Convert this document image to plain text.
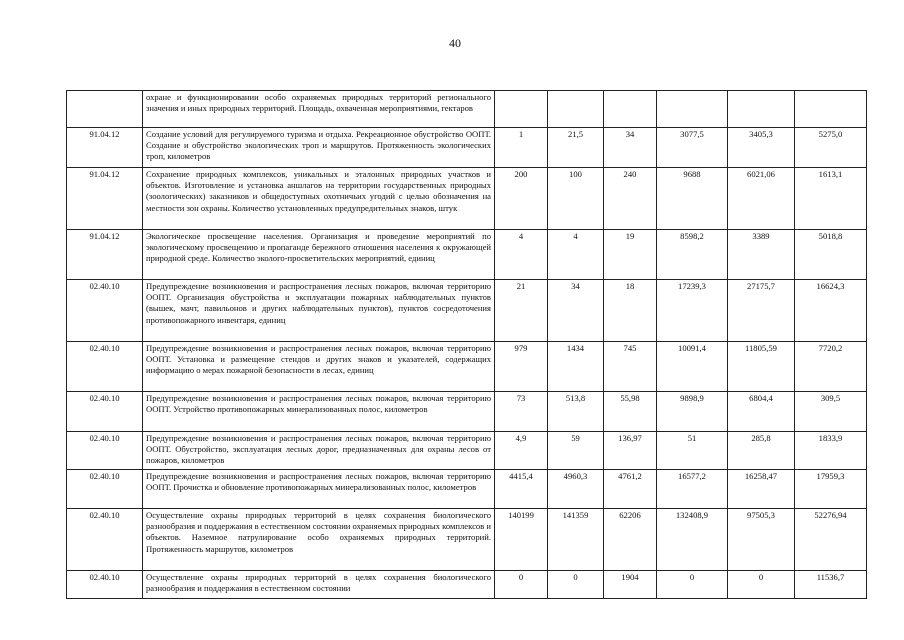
40
	охране и функционировании особо охраняемых природных территорий регионального значения и иных природных территорий. Площадь, охваченная мероприятиями, гектаров						
91.04.12	Создание условий для регулируемого туризма и отдыха. Рекреационное обустройство ООПТ. Создание и обустройство экологических троп и маршрутов. Протяженность экологических троп, километров	1	21,5	34	3077,5	3405,3	5275,0
91.04.12	Сохранение природных комплексов, уникальных и эталонных природных участков и объектов. Изготовление и установка аншлагов на территории государственных природных (зоологических) заказников и общедоступных охотничьих угодий с целью обозначения на местности зон охраны. Количество установленных предупредительных знаков, штук	200	100	240	9688	6021,06	1613,1
91.04.12	Экологическое просвещение населения. Организация и проведение мероприятий по экологическому просвещению и пропаганде бережного отношения населения к окружающей природной среде. Количество эколого-просветительских мероприятий, единиц	4	4	19	8598,2	3389	5018,8
02.40.10	Предупреждение возникновения и распространения лесных пожаров, включая территорию ООПТ. Организация обустройства и эксплуатации пожарных наблюдательных пунктов (вышек, мачт, павильонов и других наблюдательных пунктов), пунктов сосредоточения противопожарного инвентаря, единиц	21	34	18	17239,3	27175,7	16624,3
02.40.10	Предупреждение возникновения и распространения лесных пожаров, включая территорию ООПТ. Установка и размещение стендов и других знаков и указателей, содержащих информацию о мерах пожарной безопасности в лесах, единиц	979	1434	745	10091,4	11805,59	7720,2
02.40.10	Предупреждение возникновения и распространения лесных пожаров, включая территорию ООПТ. Устройство противопожарных минерализованных полос, километров	73	513,8	55,98	9898,9	6804,4	309,5
02.40.10	Предупреждение возникновения и распространения лесных пожаров, включая территорию ООПТ. Обустройство, эксплуатация лесных дорог, предназначенных для охраны лесов от пожаров, километров	4,9	59	136,97	51	285,8	1833,9
02.40.10	Предупреждение возникновения и распространения лесных пожаров, включая территорию ООПТ. Прочистка и обновление противопожарных минерализованных полос, километров	4415,4	4960,3	4761,2	16577,2	16258,47	17959,3
02.40.10	Осуществление охраны природных территорий в целях сохранения биологического разнообразия и поддержания в естественном состоянии охраняемых природных комплексов и объектов. Наземное патрулирование особо охраняемых природных территорий. Протяженность маршрутов, километров	140199	141359	62206	132408,9	97505,3	52276,94
02.40.10	Осуществление охраны природных территорий в целях сохранения биологического разнообразия и поддержания в естественном состоянии	0	0	1904	0	0	11536,7
